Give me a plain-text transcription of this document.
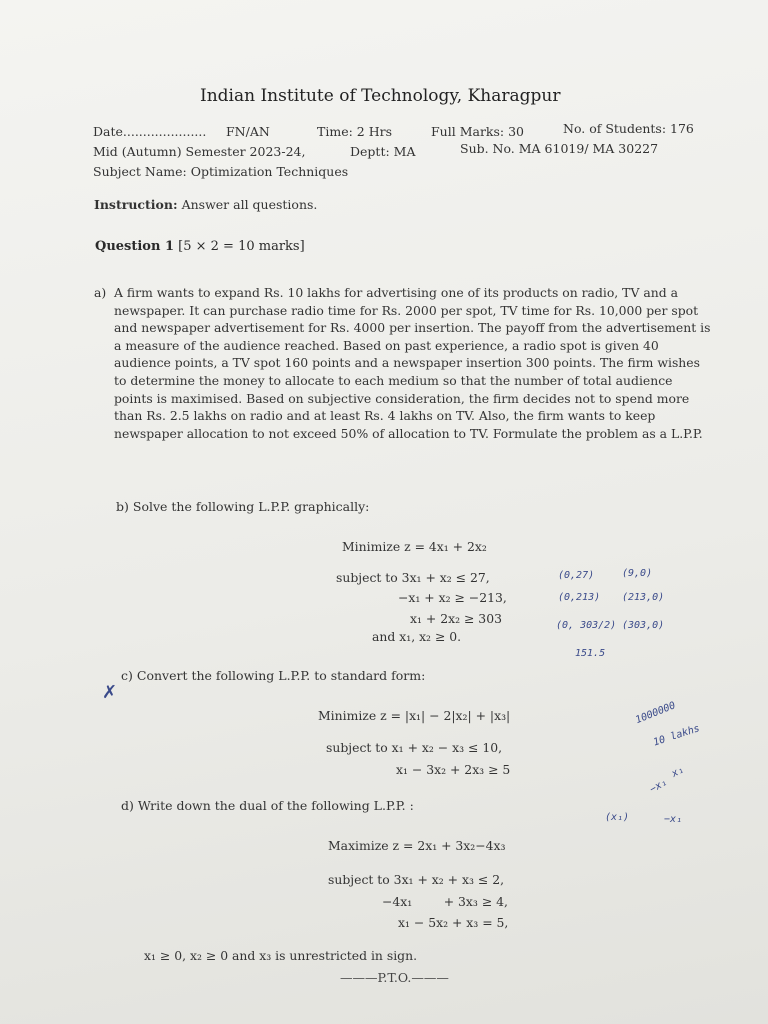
Indian Institute of Technology, Kharagpur
Date..................... FN/AN	Time: 2 Hrs	Full Marks: 30	No. of Students: 176
Mid (Autumn) Semester 2023-24,	Deptt: MA	Sub. No. MA 61019/ MA 30227
Subject Name: Optimization Techniques
Instruction: Answer all questions.
Question 1 [5 × 2 = 10 marks]
a) A firm wants to expand Rs. 10 lakhs for advertising one of its products on radio, TV and a newspaper. It can purchase radio time for Rs. 2000 per spot, TV time for Rs. 10,000 per spot and newspaper advertisement for Rs. 4000 per insertion. The payoff from the advertisement is a measure of the audience reached. Based on past experience, a radio spot is given 40 audience points, a TV spot 160 points and a newspaper insertion 300 points. The firm wishes to determine the money to allocate to each medium so that the number of total audience points is maximised. Based on subjective consideration, the firm decides not to spend more than Rs. 2.5 lakhs on radio and at least Rs. 4 lakhs on TV. Also, the firm wants to keep newspaper allocation to not exceed 50% of allocation to TV. Formulate the problem as a L.P.P.
b) Solve the following L.P.P. graphically:
Minimize z = 4x₁ + 2x₂
subject to 3x₁ + x₂ ≤ 27,
−x₁ + x₂ ≥ −213,
x₁ + 2x₂ ≥ 303
and x₁, x₂ ≥ 0.
(0,27)	(9,0)
(0,213) (213,0)
(0, 303/2) (303,0)
151.5
✗
c) Convert the following L.P.P. to standard form:
Minimize z = |x₁| − 2|x₂| + |x₃|
subject to x₁ + x₂ − x₃ ≤ 10,
x₁ − 3x₂ + 2x₃ ≥ 5
1000000
10 lakhs
x₁
−x₁
(x₁)	−x₁
d) Write down the dual of the following L.P.P. :
Maximize z = 2x₁ + 3x₂−4x₃
subject to 3x₁ + x₂ + x₃ ≤ 2,
−4x₁        + 3x₃ ≥ 4,
x₁ − 5x₂ + x₃ = 5,
x₁ ≥ 0, x₂ ≥ 0 and x₃ is unrestricted in sign.
———P.T.O.———
